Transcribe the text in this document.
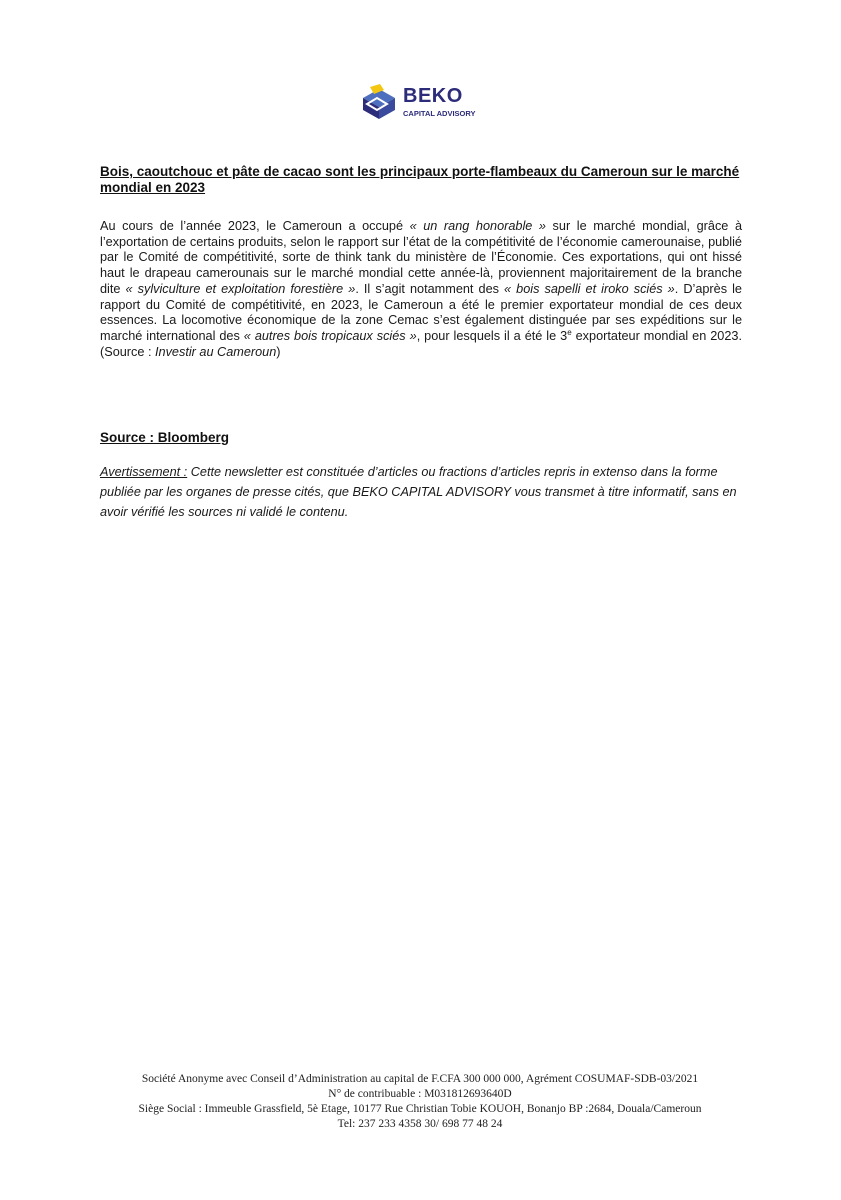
BEKO
CAPITAL ADVISORY
Bois, caoutchouc et pâte de cacao sont les principaux porte-flambeaux du Cameroun sur le marché mondial en 2023

Au cours de l’année 2023, le Cameroun a occupé « un rang honorable » sur le marché mondial, grâce à l’exportation de certains produits, selon le rapport sur l’état de la compétitivité de l’économie camerounaise, publié par le Comité de compétitivité, sorte de think tank du ministère de l’Économie. Ces exportations, qui ont hissé haut le drapeau camerounais sur le marché mondial cette année-là, proviennent majoritairement de la branche dite « sylviculture et exploitation forestière ». Il s’agit notamment des « bois sapelli et iroko sciés ». D’après le rapport du Comité de compétitivité, en 2023, le Cameroun a été le premier exportateur mondial de ces deux essences. La locomotive économique de la zone Cemac s’est également distinguée par ses expéditions sur le marché international des « autres bois tropicaux sciés », pour lesquels il a été le 3e exportateur mondial en 2023. (Source : Investir au Cameroun)

Source : Bloomberg

Avertissement : Cette newsletter est constituée d’articles ou fractions d’articles repris in extenso dans la forme publiée par les organes de presse cités, que BEKO CAPITAL ADVISORY vous transmet à titre informatif, sans en avoir vérifié les sources ni validé le contenu.

Société Anonyme avec Conseil d’Administration au capital de F.CFA 300 000 000, Agrément COSUMAF-SDB-03/2021
N° de contribuable : M031812693640D
Siège Social : Immeuble Grassfield, 5è Etage, 10177 Rue Christian Tobie KOUOH, Bonanjo BP :2684, Douala/Cameroun
Tel: 237 233 4358 30/ 698 77 48 24
